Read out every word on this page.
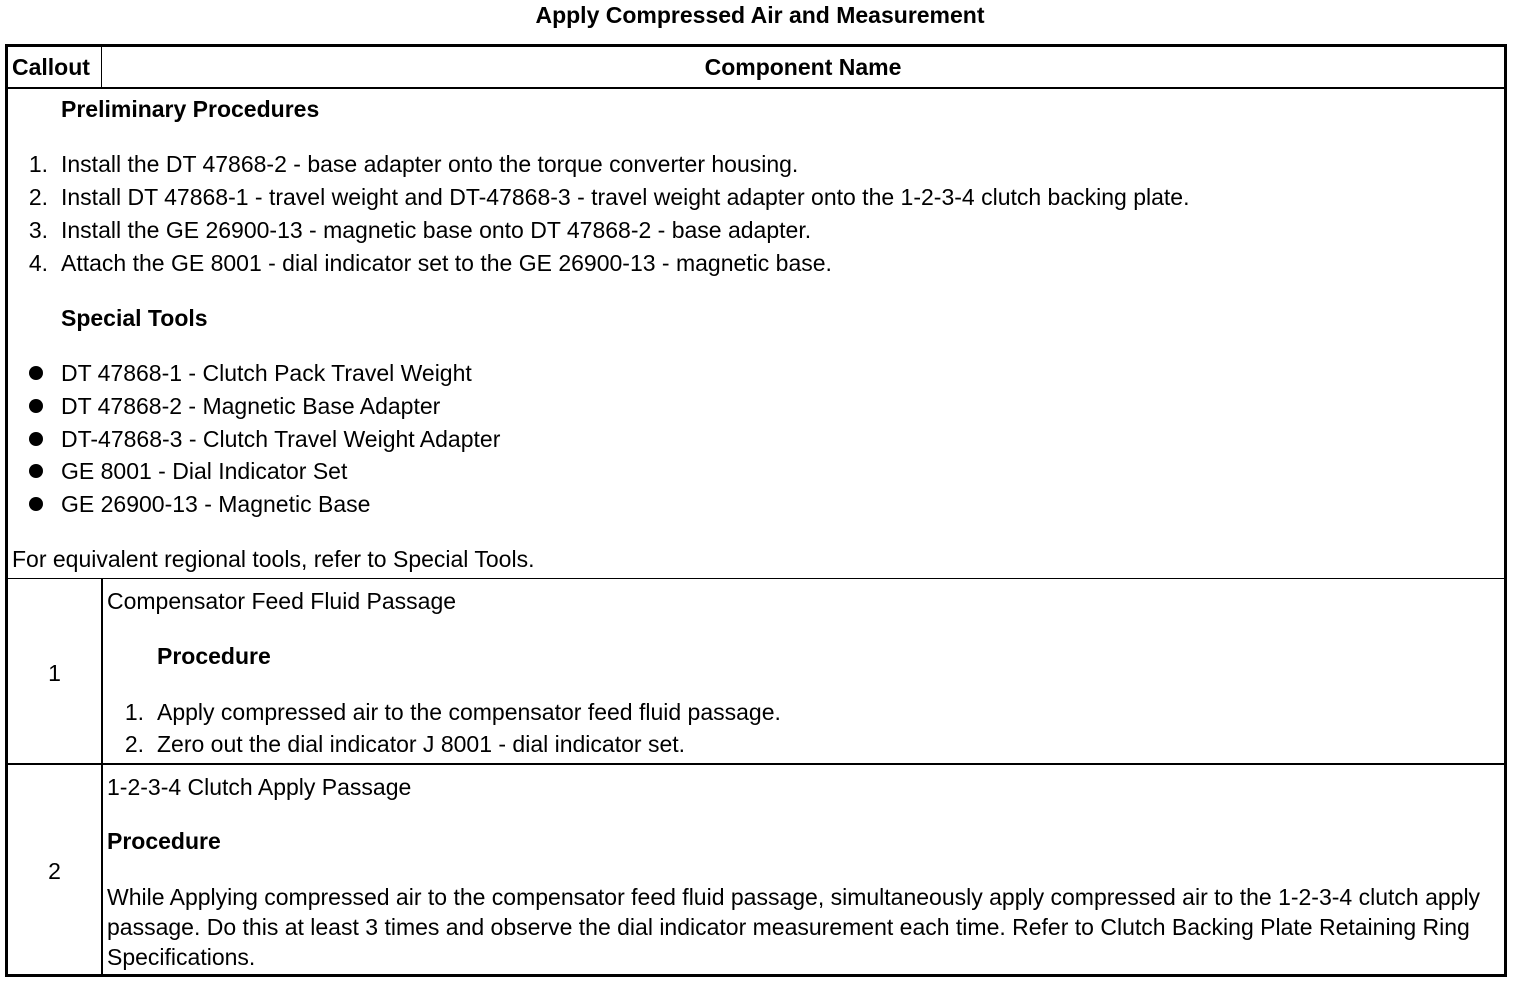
Apply Compressed Air and Measurement
Callout	Component Name
Preliminary Procedures
1. Install the DT 47868-2 - base adapter onto the torque converter housing.
2. Install DT 47868-1 - travel weight and DT-47868-3 - travel weight adapter onto the 1-2-3-4 clutch backing plate.
3. Install the GE 26900-13 - magnetic base onto DT 47868-2 - base adapter.
4. Attach the GE 8001 - dial indicator set to the GE 26900-13 - magnetic base.
Special Tools
DT 47868-1 - Clutch Pack Travel Weight
DT 47868-2 - Magnetic Base Adapter
DT-47868-3 - Clutch Travel Weight Adapter
GE 8001 - Dial Indicator Set
GE 26900-13 - Magnetic Base
For equivalent regional tools, refer to Special Tools.
1
Compensator Feed Fluid Passage
Procedure
1. Apply compressed air to the compensator feed fluid passage.
2. Zero out the dial indicator J 8001 - dial indicator set.
2
1-2-3-4 Clutch Apply Passage
Procedure
While Applying compressed air to the compensator feed fluid passage, simultaneously apply compressed air to the 1-2-3-4 clutch apply passage. Do this at least 3 times and observe the dial indicator measurement each time. Refer to Clutch Backing Plate Retaining Ring Specifications.
